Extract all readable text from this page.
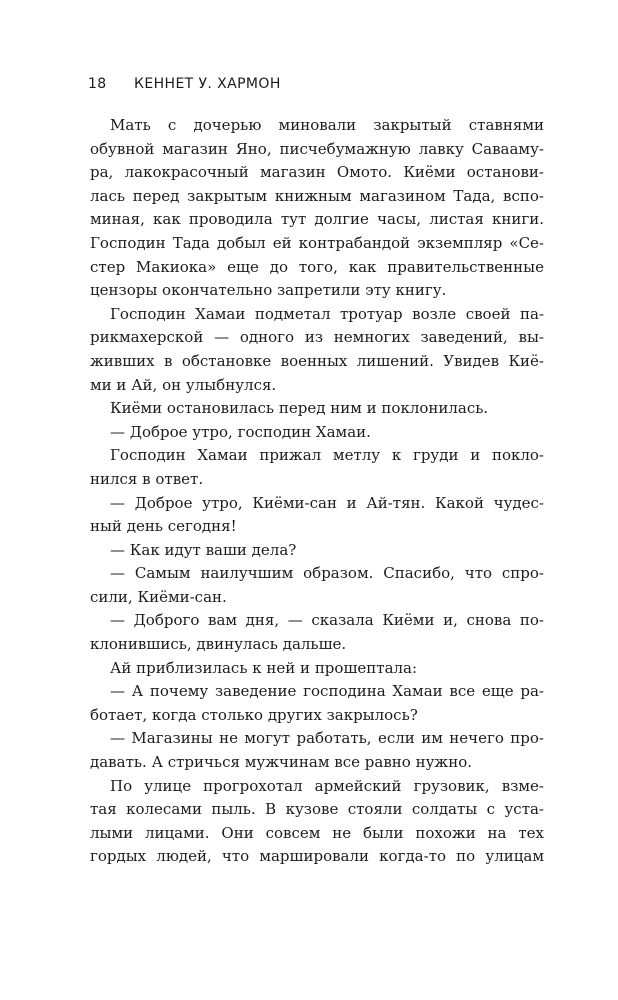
18 КЕННЕТ У. ХАРМОН
Мать с дочерью миновали закрытый ставнями
обувной магазин Яно, писчебумажную лавку Савааму-
ра, лакокрасочный магазин Омото. Киёми останови-
лась перед закрытым книжным магазином Тада, вспо-
миная, как проводила тут долгие часы, листая книги.
Господин Тада добыл ей контрабандой экземпляр «Се-
стер Макиока» еще до того, как правительственные
цензоры окончательно запретили эту книгу.
Господин Хамаи подметал тротуар возле своей па-
рикмахерской — одного из немногих заведений, вы-
живших в обстановке военных лишений. Увидев Киё-
ми и Ай, он улыбнулся.
Киёми остановилась перед ним и поклонилась.
— Доброе утро, господин Хамаи.
Господин Хамаи прижал метлу к груди и покло-
нился в ответ.
— Доброе утро, Киёми-сан и Ай-тян. Какой чудес-
ный день сегодня!
— Как идут ваши дела?
— Самым наилучшим образом. Спасибо, что спро-
сили, Киёми-сан.
— Доброго вам дня, — сказала Киёми и, снова по-
клонившись, двинулась дальше.
Ай приблизилась к ней и прошептала:
— А почему заведение господина Хамаи все еще ра-
ботает, когда столько других закрылось?
— Магазины не могут работать, если им нечего про-
давать. А стричься мужчинам все равно нужно.
По улице прогрохотал армейский грузовик, взме-
тая колесами пыль. В кузове стояли солдаты с уста-
лыми лицами. Они совсем не были похожи на тех
гордых людей, что маршировали когда-то по улицам
